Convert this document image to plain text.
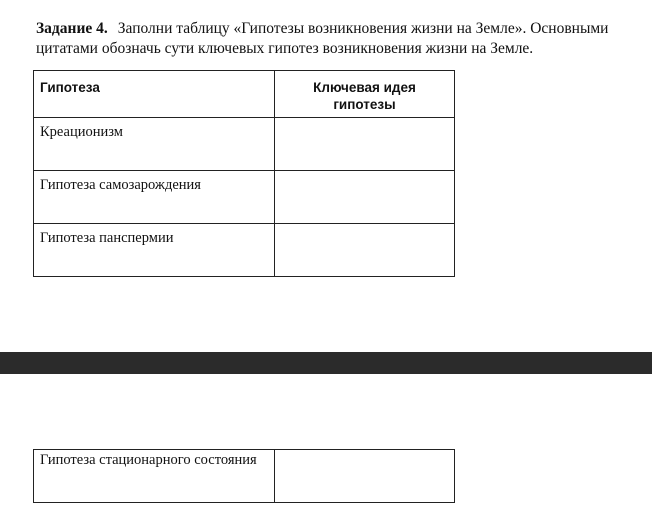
Задание 4. Заполни таблицу «Гипотезы возникновения жизни на Земле». Основными цитатами обозначь сути ключевых гипотез возникновения жизни на Земле.

Гипотеза	Ключевая идея гипотезы
Креационизм	
Гипотеза самозарождения	
Гипотеза панспермии	
Гипотеза стационарного состояния	
